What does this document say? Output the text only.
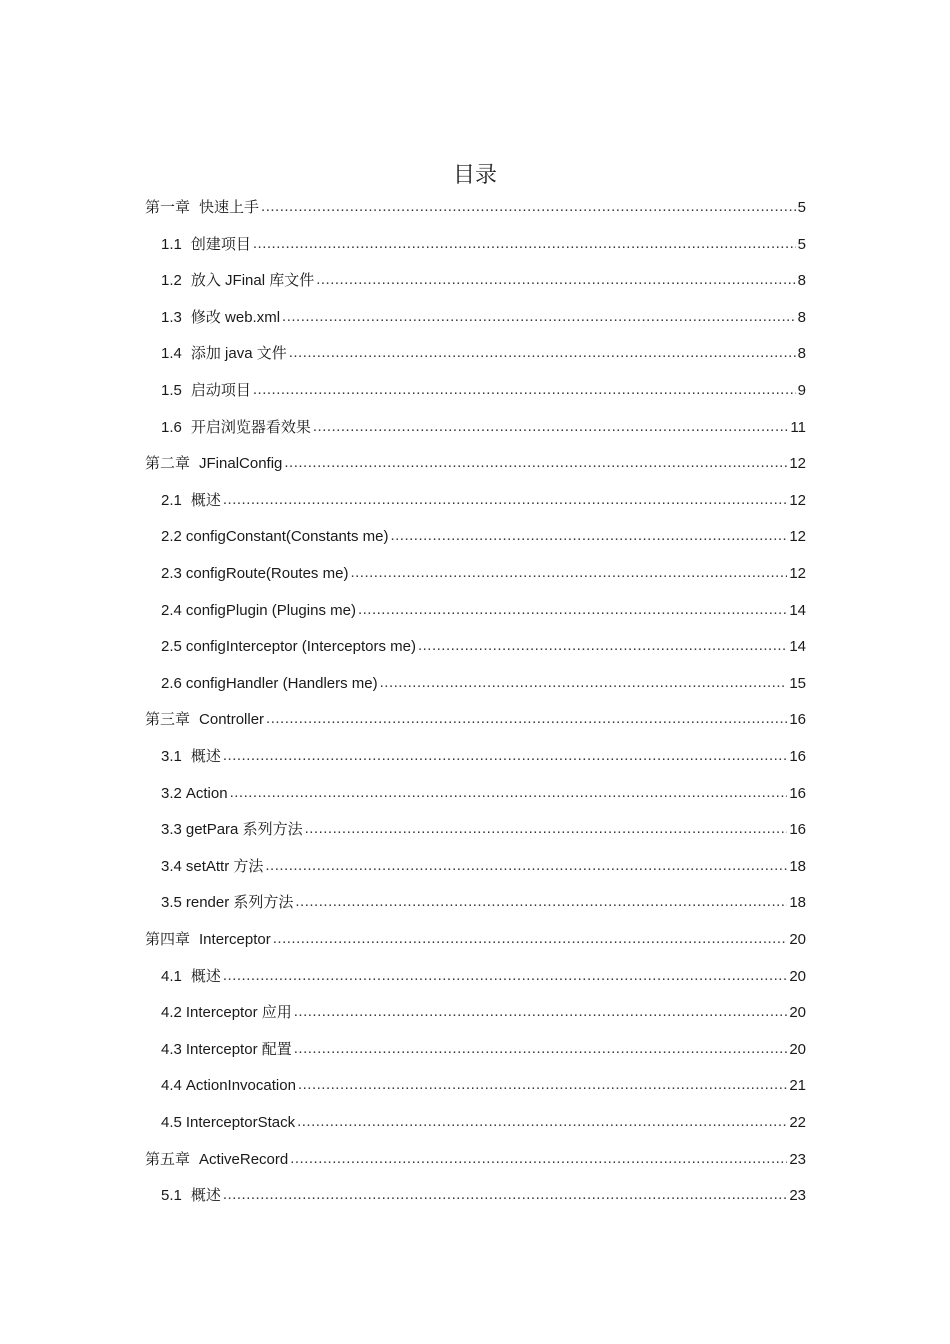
目录
第一章 快速上手 .....	5
1.1 创建项目 .....	5
1.2 放入 JFinal 库文件 .....	8
1.3 修改 web.xml .....	8
1.4 添加 java 文件 .....	8
1.5 启动项目 .....	9
1.6 开启浏览器看效果 .....	11
第二章 JFinalConfig .....	12
2.1 概述 .....	12
2.2 configConstant(Constants me) .....	12
2.3 configRoute(Routes me) .....	12
2.4 configPlugin (Plugins me) .....	14
2.5 configInterceptor (Interceptors me) .....	14
2.6 configHandler (Handlers me) .....	15
第三章 Controller .....	16
3.1 概述 .....	16
3.2 Action .....	16
3.3 getPara 系列方法 .....	16
3.4 setAttr 方法 .....	18
3.5 render 系列方法 .....	18
第四章 Interceptor .....	20
4.1 概述 .....	20
4.2 Interceptor 应用 .....	20
4.3 Interceptor 配置 .....	20
4.4 ActionInvocation .....	21
4.5 InterceptorStack .....	22
第五章 ActiveRecord .....	23
5.1 概述 .....	23
